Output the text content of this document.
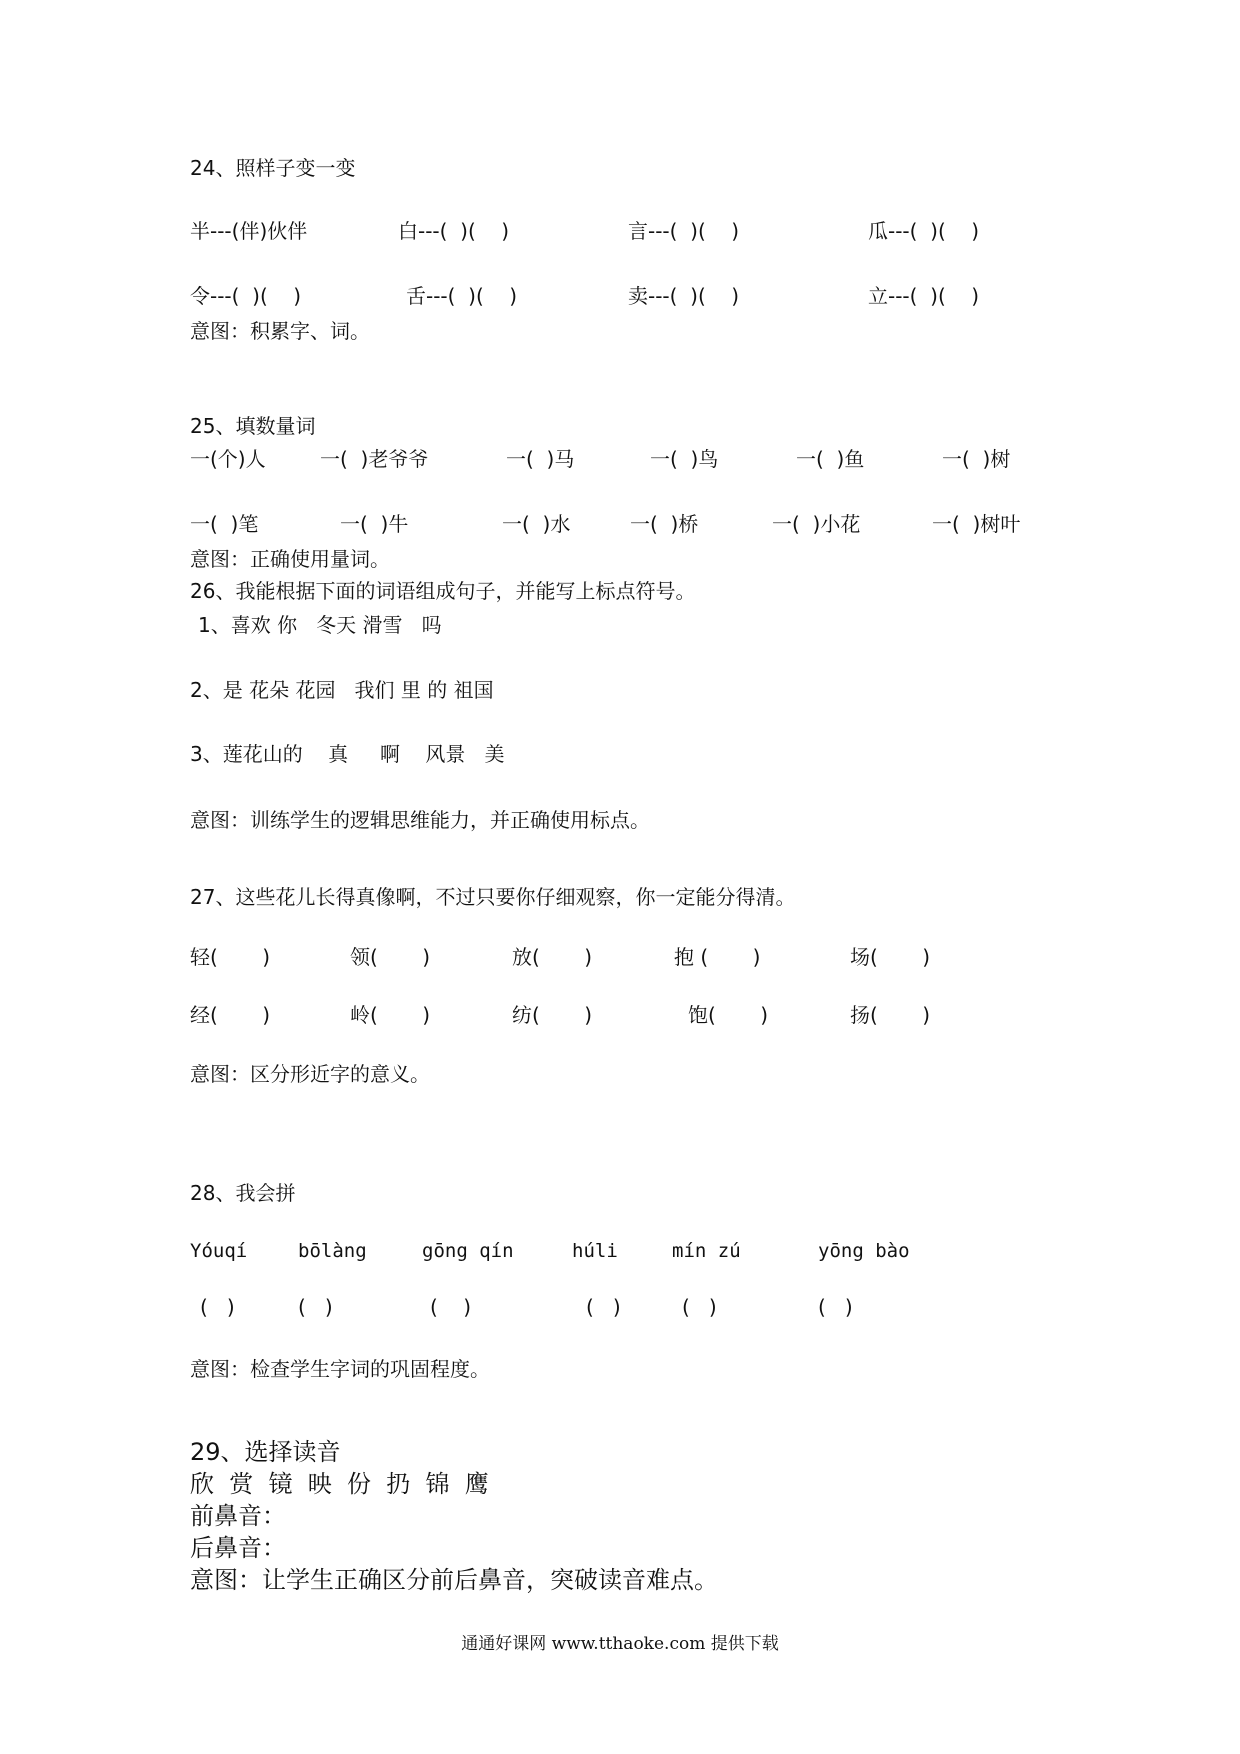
24、照样子变一变
半---(伴)伙伴	白---(  )(    )	言---(  )(    )	瓜---(  )(    )
令---(  )(    )	舌---(  )(    )	卖---(  )(    )	立---(  )(    )
意图：积累字、词。
25、填数量词
一(个)人	一(  )老爷爷	一(  )马	一(  )鸟	一(  )鱼	一(  )树
一(  )笔	一(  )牛	一(  )水	一(  )桥	一(  )小花	一(  )树叶
意图：正确使用量词。
26、我能根据下面的词语组成句子，并能写上标点符号。
1、喜欢 你   冬天 滑雪   吗
2、是 花朵 花园   我们 里 的 祖国
3、莲花山的    真     啊    风景   美
意图：训练学生的逻辑思维能力，并正确使用标点。
27、这些花儿长得真像啊，不过只要你仔细观察，你一定能分得清。
轻(       )	领(       )	放(       )	抱 (       )	场(       )
经(       )	岭(       )	纺(       )	饱(       )	扬(       )
意图：区分形近字的意义。
28、我会拼
Yóuqí	bōlàng	gōng qín	húli	mín zú	yōng bào
(   )	(   )	(    )	(   )	(   )	(   )
意图：检查学生字词的巩固程度。
29、选择读音
欣  赏  镜  映  份  扔  锦  鹰
前鼻音：
后鼻音：
意图：让学生正确区分前后鼻音，突破读音难点。
通通好课网 www.tthaoke.com 提供下载
